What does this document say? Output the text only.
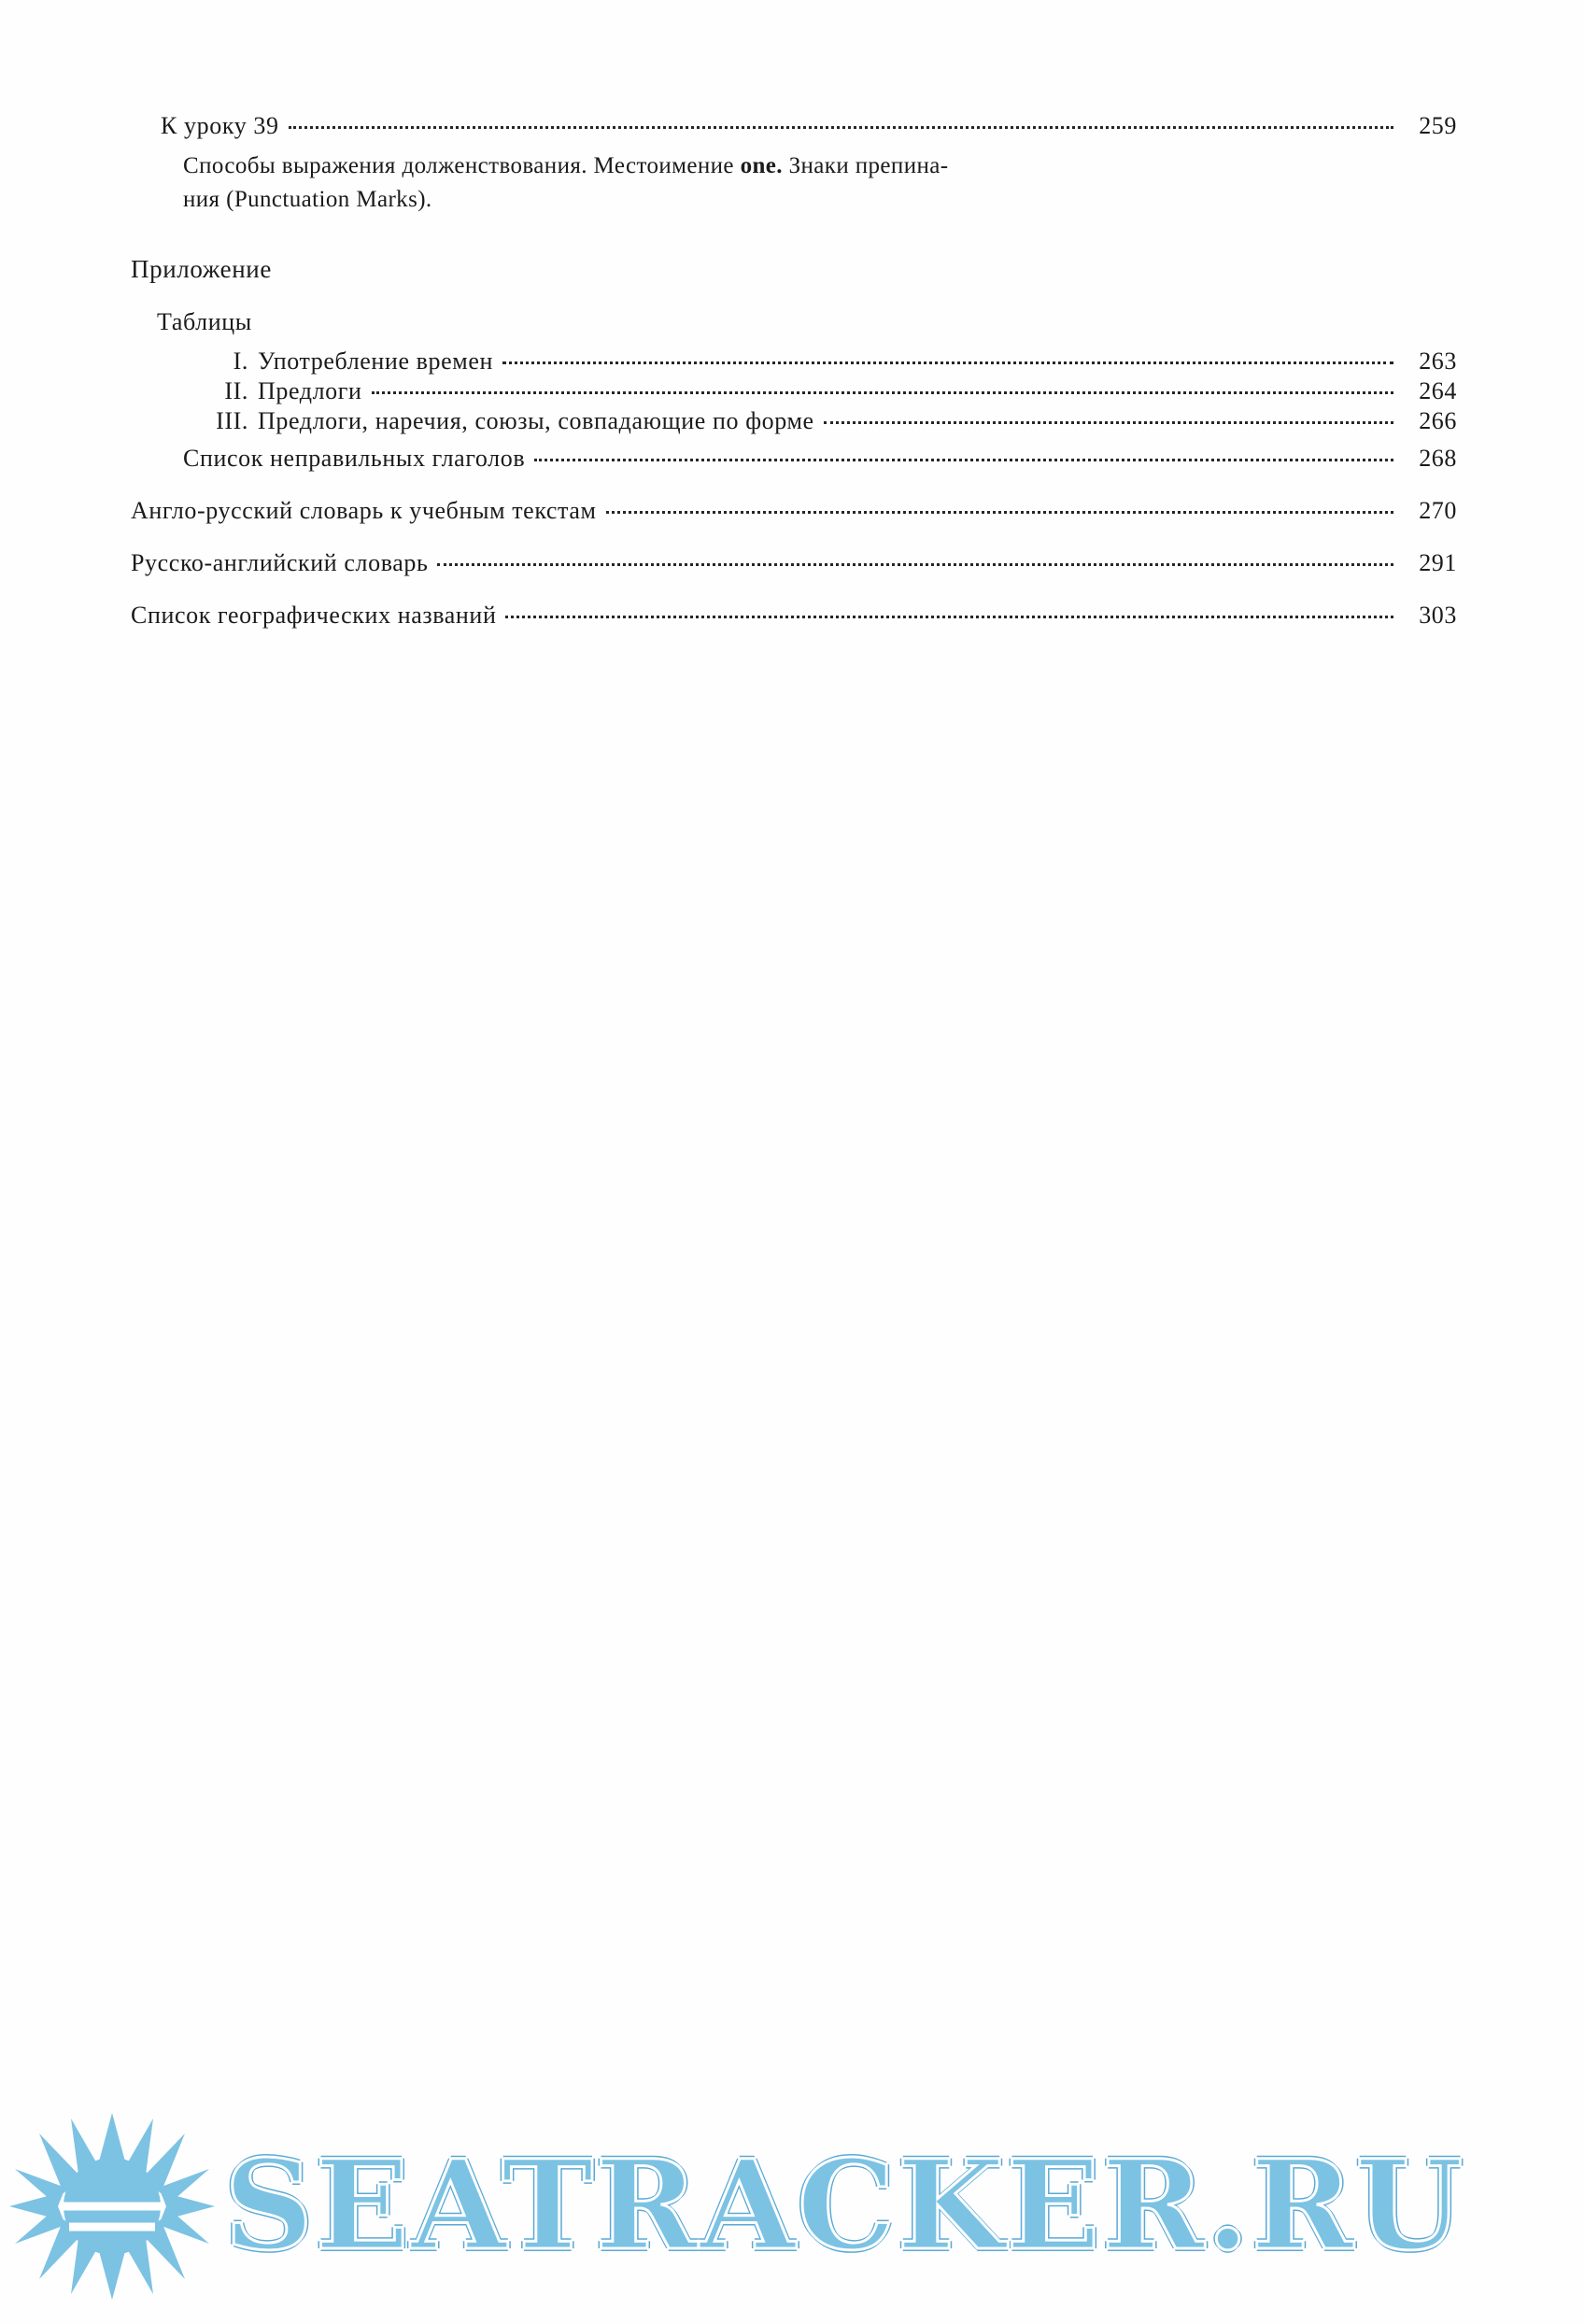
К уроку 39	259
Способы выражения долженствования. Местоимение one. Знаки препина-
ния (Punctuation Marks).
Приложение
Таблицы
I. Употребление времен	263
II. Предлоги	264
III. Предлоги, наречия, союзы, совпадающие по форме	266
Список неправильных глаголов	268
Англо-русский словарь к учебным текстам	270
Русско-английский словарь	291
Список географических названий	303
SEATRACKER.RU
